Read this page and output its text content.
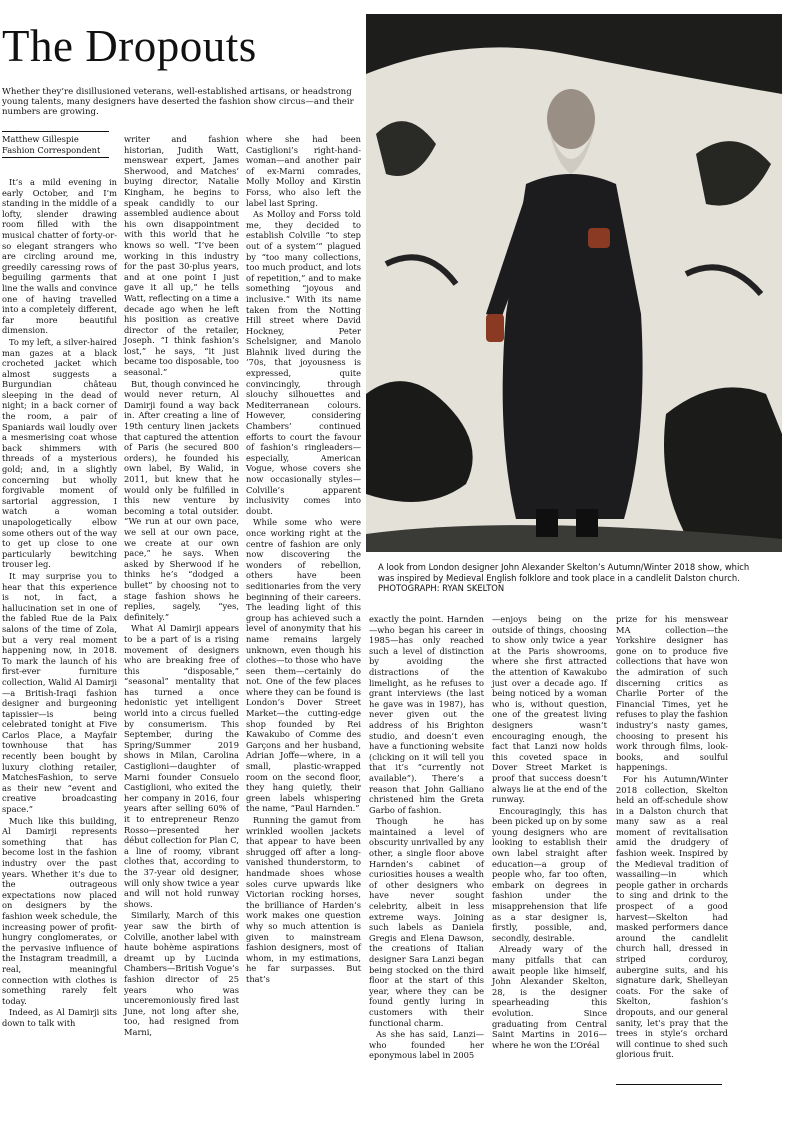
The Dropouts

Whether they’re disillusioned veterans, well-established artisans, or headstrong young talents, many designers have deserted the fashion show circus—and their numbers are growing.

Matthew Gillespie
Fashion Correspondent

It’s a mild evening in early October, and I’m standing in the middle of a lofty, slender drawing room filled with the musical chatter of forty-or-so elegant strangers who are circling around me, greedily caressing rows of beguiling garments that line the walls and convince one of having travelled into a completely different, far more beautiful dimension.

To my left, a silver-haired man gazes at a black crocheted jacket which almost suggests a Burgundian château sleeping in the dead of night; in a back corner of the room, a pair of Spaniards wail loudly over a mesmerising coat whose back shimmers with threads of a mysterious gold; and, in a slightly concerning but wholly forgivable moment of sartorial aggression, I watch a woman unapologetically elbow some others out of the way to get up close to one particularly bewitching trouser leg.

It may surprise you to hear that this experience is not, in fact, a hallucination set in one of the fabled Rue de la Paix salons of the time of Zola, but a very real moment happening now, in 2018. To mark the launch of his first-ever furniture collection, Walid Al Damirji—a British-Iraqi fashion designer and burgeoning tapissier—is being celebrated tonight at Five Carlos Place, a Mayfair townhouse that has recently been bought by luxury clothing retailer, MatchesFashion, to serve as their new “event and creative broadcasting space.”

Much like this building, Al Damirji represents something that has become lost in the fashion industry over the past years. Whether it’s due to the outrageous expectations now placed on designers by the fashion week schedule, the increasing power of profit-hungry conglomerates, or the pervasive influence of the Instagram treadmill, a real, meaningful connection with clothes is something rarely felt today.

Indeed, as Al Damirji sits down to talk with

writer and fashion historian, Judith Watt, menswear expert, James Sherwood, and Matches’ buying director, Natalie Kingham, he begins to speak candidly to our assembled audience about his own disappointment with this world that he knows so well. “I’ve been working in this industry for the past 30-plus years, and at one point I just gave it all up,” he tells Watt, reflecting on a time a decade ago when he left his position as creative director of the retailer, Joseph. “I think fashion’s lost,” he says, “it just became too disposable, too seasonal.”

But, though convinced he would never return, Al Damirji found a way back in. After creating a line of 19th century linen jackets that captured the attention of Paris (he secured 800 orders), he founded his own label, By Walid, in 2011, but knew that he would only be fulfilled in this new venture by becoming a total outsider. “We run at our own pace, we sell at our own pace, we create at our own pace,” he says. When asked by Sherwood if he thinks he’s “dodged a bullet” by choosing not to stage fashion shows he replies, sagely, “yes, definitely.”

What Al Damirji appears to be a part of is a rising movement of designers who are breaking free of this “disposable,” “seasonal” mentality that has turned a once hedonistic yet intelligent world into a circus fuelled by consumerism. This September, during the Spring/Summer 2019 shows in Milan, Carolina Castiglioni—daughter of Marni founder Consuelo Castiglioni, who exited the her company in 2016, four years after selling 60% of it to entrepreneur Renzo Rosso—presented her début collection for Plan C, a line of roomy, vibrant clothes that, according to the 37-year old designer, will only show twice a year and will not hold runway shows.

Similarly, March of this year saw the birth of Colville, another label with haute bohème aspirations dreamt up by Lucinda Chambers—British Vogue’s fashion director of 25 years who was unceremoniously fired last June, not long after she, too, had resigned from Marni,

where she had been Castiglioni’s right-hand-woman—and another pair of ex-Marni comrades, Molly Molloy and Kirstin Forss, who also left the label last Spring.

As Molloy and Forss told me, they decided to establish Colville “to step out of a system’” plagued by “too many collections, too much product, and lots of repetition,” and to make something “joyous and inclusive.” With its name taken from the Notting Hill street where David Hockney, Peter Schelsigner, and Manolo Blahnik lived during the ’70s, that joyousness is expressed, quite convincingly, through slouchy silhouettes and Mediterranean colours. However, considering Chambers’ continued efforts to court the favour of fashion’s ringleaders—especially, American Vogue, whose covers she now occasionally styles—Colville’s apparent inclusivity comes into doubt.

While some who were once working right at the centre of fashion are only now discovering the wonders of rebellion, others have been seditionaries from the very beginning of their careers. The leading light of this group has achieved such a level of anonymity that his name remains largely unknown, even though his clothes—to those who have seen them—certainly do not. One of the few places where they can be found is London’s Dover Street Market—the cutting-edge shop founded by Rei Kawakubo of Comme des Garçons and her husband, Adrian Joffe—where, in a small, plastic-wrapped room on the second floor, they hang quietly, their green labels whispering the name, “Paul Harnden.”

Running the gamut from wrinkled woollen jackets that appear to have been shrugged off after a long-vanished thunderstorm, to handmade shoes whose soles curve upwards like Victorian rocking horses, the brilliance of Harden’s work makes one question why so much attention is given to mainstream fashion designers, most of whom, in my estimations, he far surpasses. But that’s

A look from London designer John Alexander Skelton’s Autumn/Winter 2018 show, which was inspired by Medieval English folklore and took place in a candlelit Dalston church. PHOTOGRAPH: RYAN SKELTON

exactly the point. Harnden—who began his career in 1985—has only reached such a level of distinction by avoiding the distractions of the limelight, as he refuses to grant interviews (the last he gave was in 1987), has never given out the address of his Brighton studio, and doesn’t even have a functioning website (clicking on it will tell you that it’s “currently not available”). There’s a reason that John Galliano christened him the Greta Garbo of fashion.

Though he has maintained a level of obscurity unrivalled by any other, a single floor above Harnden’s cabinet of curiosities houses a wealth of other designers who have never sought celebrity, albeit in less extreme ways. Joining such labels as Daniela Gregis and Elena Dawson, the creations of Italian designer Sara Lanzi began being stocked on the third floor at the start of this year, where they can be found gently luring in customers with their functional charm.

As she has said, Lanzi—who founded her eponymous label in 2005

—enjoys being on the outside of things, choosing to show only twice a year at the Paris showrooms, where she first attracted the attention of Kawakubo just over a decade ago. If being noticed by a woman who is, without question, one of the greatest living designers wasn’t encouraging enough, the fact that Lanzi now holds this coveted space in Dover Street Market is proof that success doesn’t always lie at the end of the runway.

Encouragingly, this has been picked up on by some young designers who are looking to establish their own label straight after education—a group of people who, far too often, embark on degrees in fashion under the misapprehension that life as a star designer is, firstly, possible, and, secondly, desirable.

Already wary of the many pitfalls that can await people like himself, John Alexander Skelton, 28, is the designer spearheading this evolution. Since graduating from Central Saint Martins in 2016—where he won the L’Oréal

prize for his menswear MA collection—the Yorkshire designer has gone on to produce five collections that have won the admiration of such discerning critics as Charlie Porter of the Financial Times, yet he refuses to play the fashion industry’s nasty games, choosing to present his work through films, look-books, and soulful happenings.

For his Autumn/Winter 2018 collection, Skelton held an off-schedule show in a Dalston church that many saw as a real moment of revitalisation amid the drudgery of fashion week. Inspired by the Medieval tradition of wassailing—in which people gather in orchards to sing and drink to the prospect of a good harvest—Skelton had masked performers dance around the candlelit church hall, dressed in striped corduroy, aubergine suits, and his signature dark, Shelleyan coats. For the sake of Skelton, fashion’s dropouts, and our general sanity, let’s pray that the trees in style’s orchard will continue to shed such glorious fruit.
